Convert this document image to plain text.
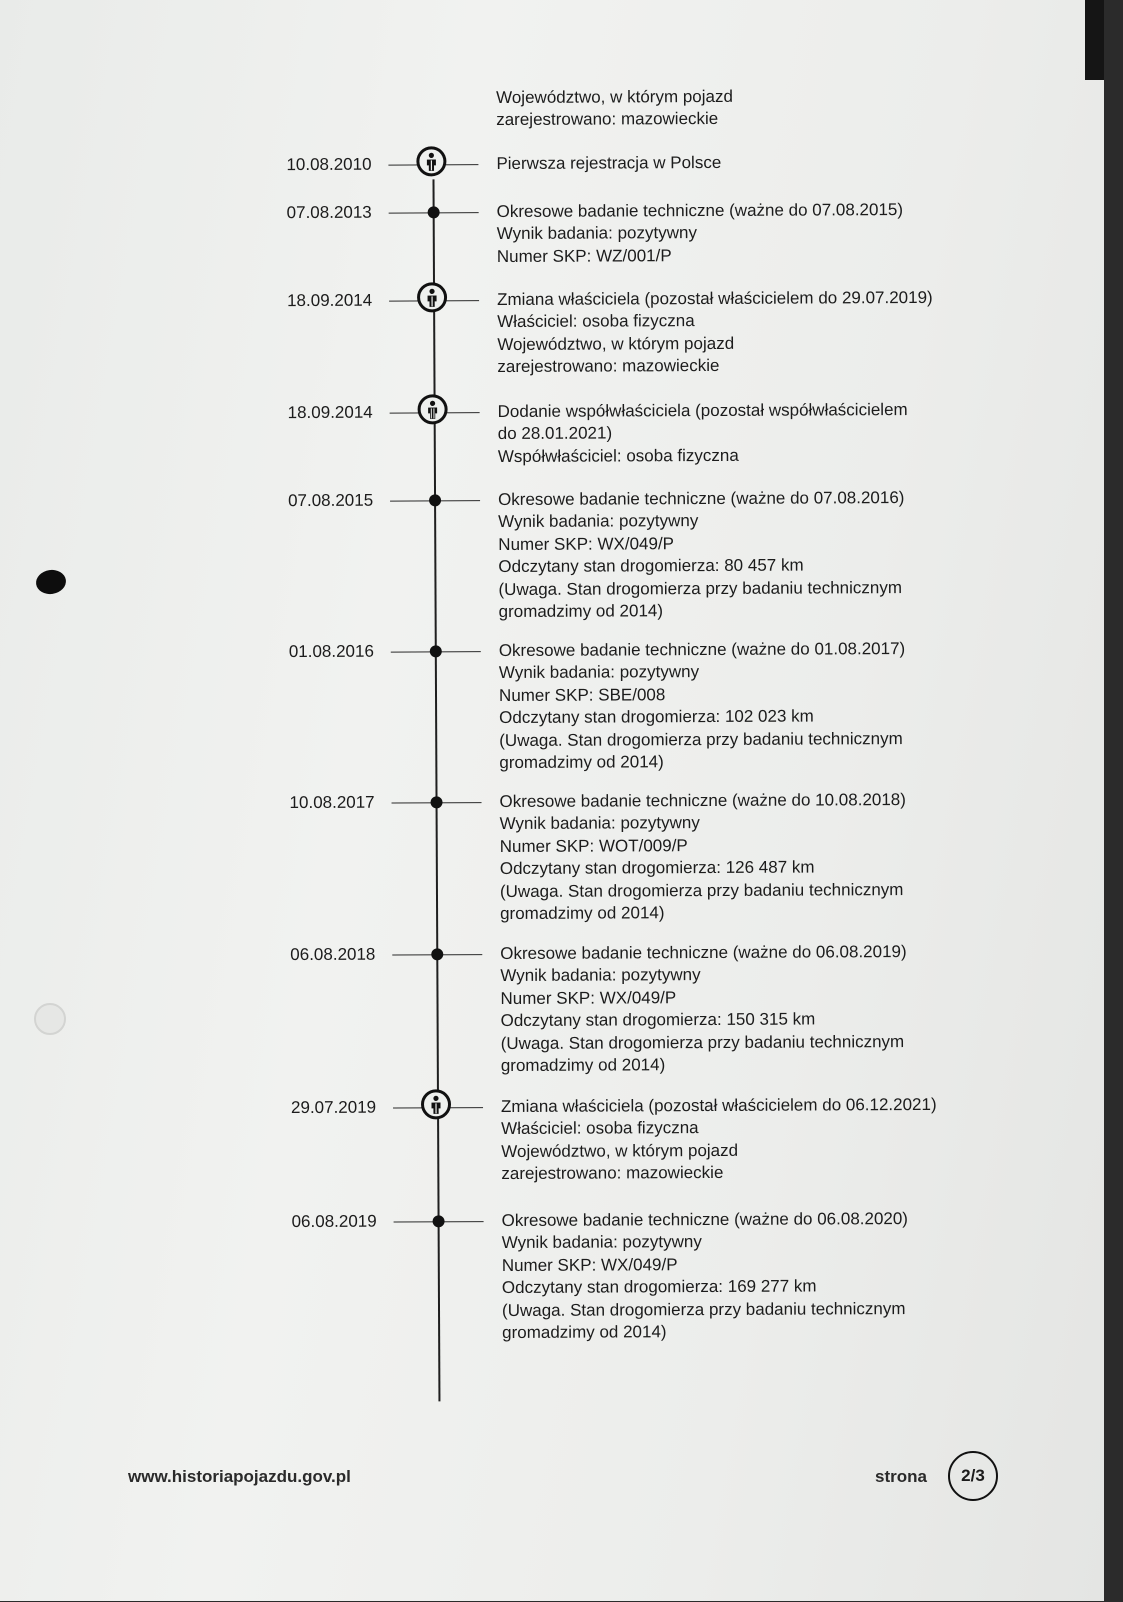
Województwo, w którym pojazd
zarejestrowano: mazowieckie
10.08.2010	Pierwsza rejestracja w Polsce
07.08.2013	Okresowe badanie techniczne (ważne do 07.08.2015)
Wynik badania: pozytywny
Numer SKP: WZ/001/P
18.09.2014	Zmiana właściciela (pozostał właścicielem do 29.07.2019)
Właściciel: osoba fizyczna
Województwo, w którym pojazd
zarejestrowano: mazowieckie
18.09.2014	Dodanie współwłaściciela (pozostał współwłaścicielem
do 28.01.2021)
Współwłaściciel: osoba fizyczna
07.08.2015	Okresowe badanie techniczne (ważne do 07.08.2016)
Wynik badania: pozytywny
Numer SKP: WX/049/P
Odczytany stan drogomierza: 80 457 km
(Uwaga. Stan drogomierza przy badaniu technicznym
gromadzimy od 2014)
01.08.2016	Okresowe badanie techniczne (ważne do 01.08.2017)
Wynik badania: pozytywny
Numer SKP: SBE/008
Odczytany stan drogomierza: 102 023 km
(Uwaga. Stan drogomierza przy badaniu technicznym
gromadzimy od 2014)
10.08.2017	Okresowe badanie techniczne (ważne do 10.08.2018)
Wynik badania: pozytywny
Numer SKP: WOT/009/P
Odczytany stan drogomierza: 126 487 km
(Uwaga. Stan drogomierza przy badaniu technicznym
gromadzimy od 2014)
06.08.2018	Okresowe badanie techniczne (ważne do 06.08.2019)
Wynik badania: pozytywny
Numer SKP: WX/049/P
Odczytany stan drogomierza: 150 315 km
(Uwaga. Stan drogomierza przy badaniu technicznym
gromadzimy od 2014)
29.07.2019	Zmiana właściciela (pozostał właścicielem do 06.12.2021)
Właściciel: osoba fizyczna
Województwo, w którym pojazd
zarejestrowano: mazowieckie
06.08.2019	Okresowe badanie techniczne (ważne do 06.08.2020)
Wynik badania: pozytywny
Numer SKP: WX/049/P
Odczytany stan drogomierza: 169 277 km
(Uwaga. Stan drogomierza przy badaniu technicznym
gromadzimy od 2014)
www.historiapojazdu.gov.pl	strona	2/3
